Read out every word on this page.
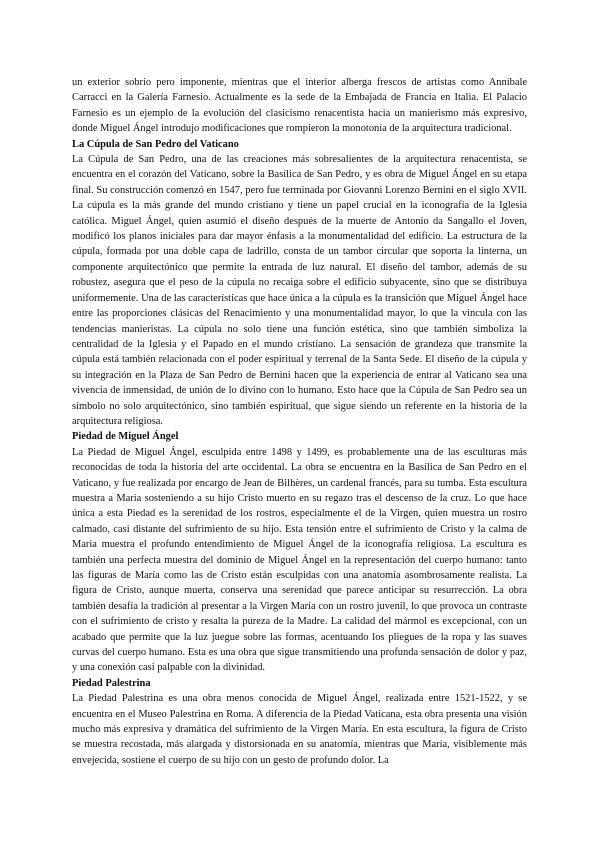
un exterior sobrio pero imponente, mientras que el interior alberga frescos de artistas como Annibale Carracci en la Galería Farnesio. Actualmente es la sede de la Embajada de Francia en Italia. El Palacio Farnesio es un ejemplo de la evolución del clasicismo renacentista hacia un manierismo más expresivo, donde Miguel Ángel introdujo modificaciones que rompieron la monotonía de la arquitectura tradicional.

La Cúpula de San Pedro del Vaticano

La Cúpula de San Pedro, una de las creaciones más sobresalientes de la arquitectura renacentista, se encuentra en el corazón del Vaticano, sobre la Basílica de San Pedro, y es obra de Miguel Ángel en su etapa final. Su construcción comenzó en 1547, pero fue terminada por Giovanni Lorenzo Bernini en el siglo XVII. La cúpula es la más grande del mundo cristiano y tiene un papel crucial en la iconografía de la Iglesia católica. Miguel Ángel, quien asumió el diseño después de la muerte de Antonio da Sangallo el Joven, modificó los planos iniciales para dar mayor énfasis a la monumentalidad del edificio. La estructura de la cúpula, formada por una doble capa de ladrillo, consta de un tambor circular que soporta la linterna, un componente arquitectónico que permite la entrada de luz natural. El diseño del tambor, además de su robustez, asegura que el peso de la cúpula no recaiga sobre el edificio subyacente, sino que se distribuya uniformemente. Una de las características que hace única a la cúpula es la transición que Miguel Ángel hace entre las proporciones clásicas del Renacimiento y una monumentalidad mayor, lo que la vincula con las tendencias manieristas. La cúpula no solo tiene una función estética, sino que también simboliza la centralidad de la Iglesia y el Papado en el mundo cristiano. La sensación de grandeza que transmite la cúpula está también relacionada con el poder espiritual y terrenal de la Santa Sede. El diseño de la cúpula y su integración en la Plaza de San Pedro de Bernini hacen que la experiencia de entrar al Vaticano sea una vivencia de inmensidad, de unión de lo divino con lo humano. Esto hace que la Cúpula de San Pedro sea un símbolo no solo arquitectónico, sino también espiritual, que sigue siendo un referente en la historia de la arquitectura religiosa.

Piedad de Miguel Ángel

La Piedad de Miguel Ángel, esculpida entre 1498 y 1499, es probablemente una de las esculturas más reconocidas de toda la historia del arte occidental. La obra se encuentra en la Basílica de San Pedro en el Vaticano, y fue realizada por encargo de Jean de Bilhères, un cardenal francés, para su tumba. Esta escultura muestra a María sosteniendo a su hijo Cristo muerto en su regazo tras el descenso de la cruz. Lo que hace única a esta Piedad es la serenidad de los rostros, especialmente el de la Virgen, quien muestra un rostro calmado, casi distante del sufrimiento de su hijo. Esta tensión entre el sufrimiento de Cristo y la calma de María muestra el profundo entendimiento de Miguel Ángel de la iconografía religiosa. La escultura es también una perfecta muestra del dominio de Miguel Ángel en la representación del cuerpo humano: tanto las figuras de María como las de Cristo están esculpidas con una anatomía asombrosamente realista. La figura de Cristo, aunque muerta, conserva una serenidad que parece anticipar su resurrección. La obra también desafía la tradición al presentar a la Virgen María con un rostro juvenil, lo que provoca un contraste con el sufrimiento de cristo y resalta la pureza de la Madre. La calidad del mármol es excepcional, con un acabado que permite que la luz juegue sobre las formas, acentuando los pliegues de la ropa y las suaves curvas del cuerpo humano. Esta es una obra que sigue transmitiendo una profunda sensación de dolor y paz, y una conexión casi palpable con la divinidad.

Piedad Palestrina

La Piedad Palestrina es una obra menos conocida de Miguel Ángel, realizada entre 1521-1522, y se encuentra en el Museo Palestrina en Roma. A diferencia de la Piedad Vaticana, esta obra presenta una visión mucho más expresiva y dramática del sufrimiento de la Virgen María. En esta escultura, la figura de Cristo se muestra recostada, más alargada y distorsionada en su anatomía, mientras que María, visiblemente más envejecida, sostiene el cuerpo de su hijo con un gesto de profundo dolor. La
